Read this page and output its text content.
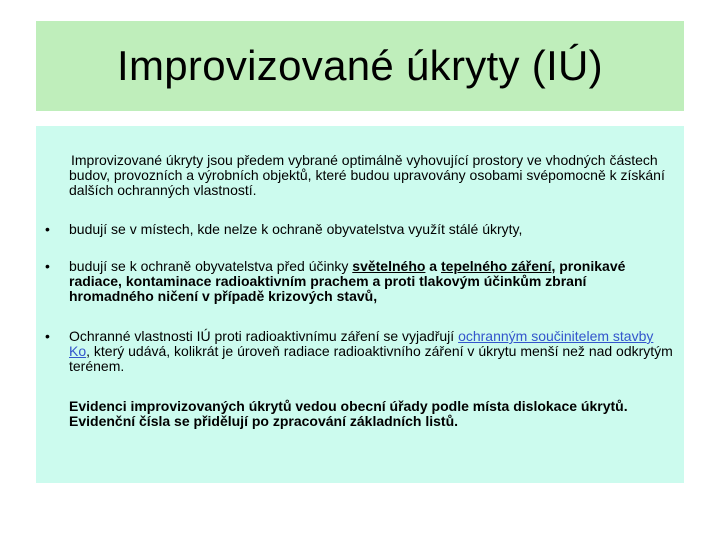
Improvizované úkryty (IÚ)
Improvizované úkryty jsou předem vybrané optimálně vyhovující prostory ve vhodných částech budov, provozních a výrobních objektů, které budou upravovány osobami svépomocně k získání dalších ochranných vlastností.
• budují se v místech, kde nelze k ochraně obyvatelstva využít stálé úkryty,
• budují se k ochraně obyvatelstva před účinky světelného a tepelného záření, pronikavé radiace, kontaminace radioaktivním prachem a proti tlakovým účinkům zbraní hromadného ničení v případě krizových stavů,
• Ochranné vlastnosti IÚ proti radioaktivnímu záření se vyjadřují ochranným součinitelem stavby Ko, který udává, kolikrát je úroveň radiace radioaktivního záření v úkrytu menší než nad odkrytým terénem.
Evidenci improvizovaných úkrytů vedou obecní úřady podle místa dislokace úkrytů. Evidenční čísla se přidělují po zpracování základních listů.
